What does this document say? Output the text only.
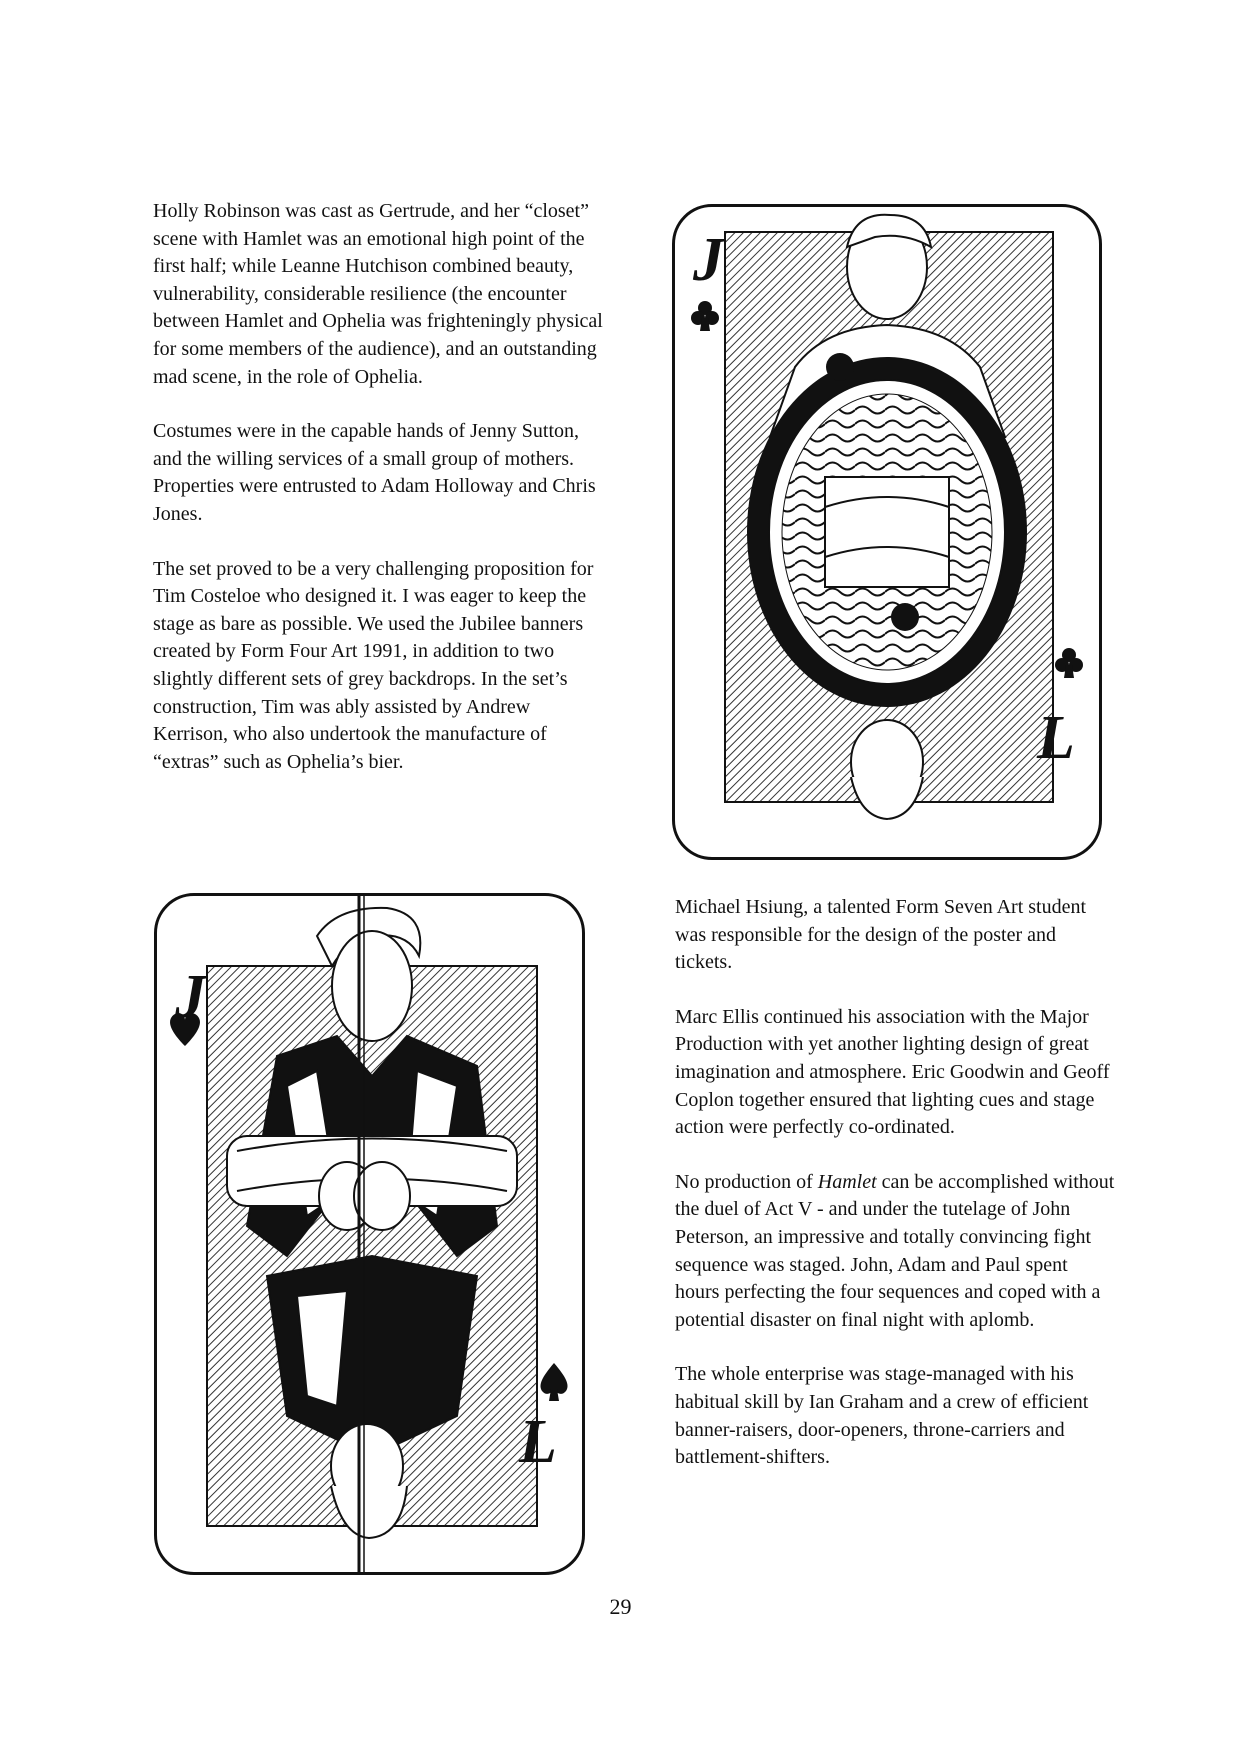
Holly Robinson was cast as Gertrude, and her “closet” scene with Hamlet was an emotional high point of the first half; while Leanne Hutchison combined beauty, vulnerability, considerable resilience (the encounter between Hamlet and Ophelia was frighteningly physical for some members of the audience), and an outstanding mad scene, in the role of Ophelia.

Costumes were in the capable hands of Jenny Sutton, and the willing services of a small group of mothers. Properties were entrusted to Adam Holloway and Chris Jones.

The set proved to be a very challenging proposition for Tim Costeloe who designed it. I was eager to keep the stage as bare as possible. We used the Jubilee banners created by Form Four Art 1991, in addition to two slightly different sets of grey backdrops. In the set’s construction, Tim was ably assisted by Andrew Kerrison, who also undertook the manufacture of “extras” such as Ophelia’s bier.

Michael Hsiung, a talented Form Seven Art student was responsible for the design of the poster and tickets.

Marc Ellis continued his association with the Major Production with yet another lighting design of great imagination and atmosphere. Eric Goodwin and Geoff Coplon together ensured that lighting cues and stage action were perfectly co-ordinated.

No production of Hamlet can be accomplished without the duel of Act V - and under the tutelage of John Peterson, an impressive and totally convincing fight sequence was staged. John, Adam and Paul spent hours perfecting the four sequences and coped with a potential disaster on final night with aplomb.

The whole enterprise was stage-managed with his habitual skill by Ian Graham and a crew of efficient banner-raisers, door-openers, throne-carriers and battlement-shifters.

J
L
J
L
29
